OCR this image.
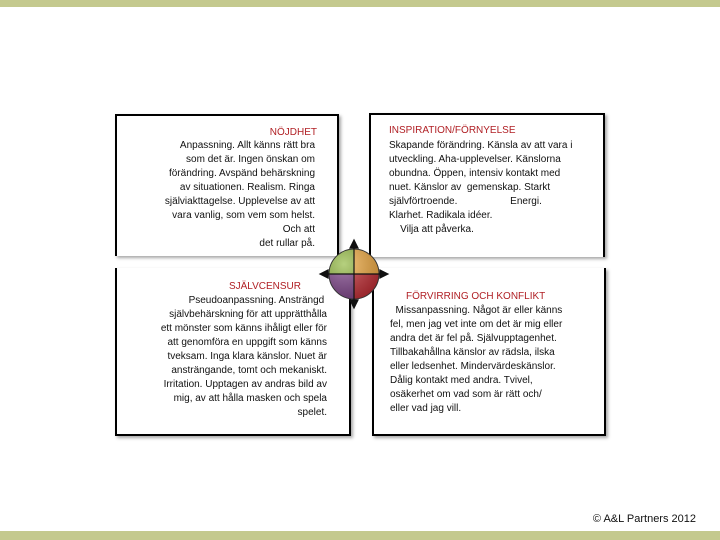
NÖJDHET
Anpassning. Allt känns rätt bra
som det är. Ingen önskan om
förändring. Avspänd behärskning
av situationen. Realism. Ringa
själviakttagelse. Upplevelse av att
vara vanlig, som vem som helst.
Och att
det rullar på.
INSPIRATION/FÖRNYELSE
Skapande förändring. Känsla av att vara i
utveckling. Aha-upplevelser. Känslorna
obundna. Öppen, intensiv kontakt med
nuet. Känslor av  gemenskap. Starkt
självförtroende.                   Energi.
Klarhet. Radikala idéer.
Vilja att påverka.
SJÄLVCENSUR
Pseudoanpassning. Ansträngd
självbehärskning för att upprätthålla
ett mönster som känns ihåligt eller för
att genomföra en uppgift som känns
tveksam. Inga klara känslor. Nuet är
ansträngande, tomt och mekaniskt.
Irritation. Upptagen av andras bild av
mig, av att hålla masken och spela
spelet.
FÖRVIRRING OCH KONFLIKT
Missanpassning. Något är eller känns
fel, men jag vet inte om det är mig eller
andra det är fel på. Självupptagenhet.
Tillbakahållna känslor av rädsla, ilska
eller ledsenhet. Mindervärdeskänslor.
Dålig kontakt med andra. Tvivel,
osäkerhet om vad som är rätt och/
eller vad jag vill.
© A&L Partners 2012
